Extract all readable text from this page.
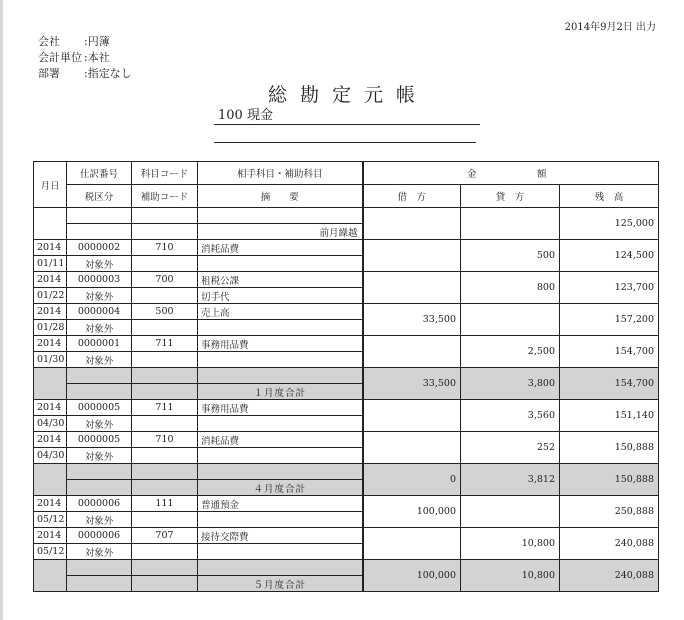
2014年9月2日 出力
会社	:円簿
会計単位 :本社
部署	:指定なし
総勘定元帳
100 現金
月日	仕訳番号	科目コード	相手科目・補助科目	金　　　額		
	税区分	補助コード	摘　　要	借　方	貸　方	残　高
						125,000
			前月繰越			
2014	0000002	710	消耗品費		500	124,500
01/11	対象外					
2014	0000003	700	租税公課		800	123,700
01/22	対象外		切手代			
2014	0000004	500	売上高	33,500		157,200
01/28	対象外					
2014	0000001	711	事務用品費		2,500	154,700
01/30	対象外					
				33,500	3,800	154,700
			１月度合計			
2014	0000005	711	事務用品費		3,560	151,140
04/30	対象外					
2014	0000005	710	消耗品費		252	150,888
04/30	対象外					
				0	3,812	150,888
			４月度合計			
2014	0000006	111	普通預金	100,000		250,888
05/12	対象外					
2014	0000006	707	接待交際費		10,800	240,088
05/12	対象外					
				100,000	10,800	240,088
			５月度合計			
